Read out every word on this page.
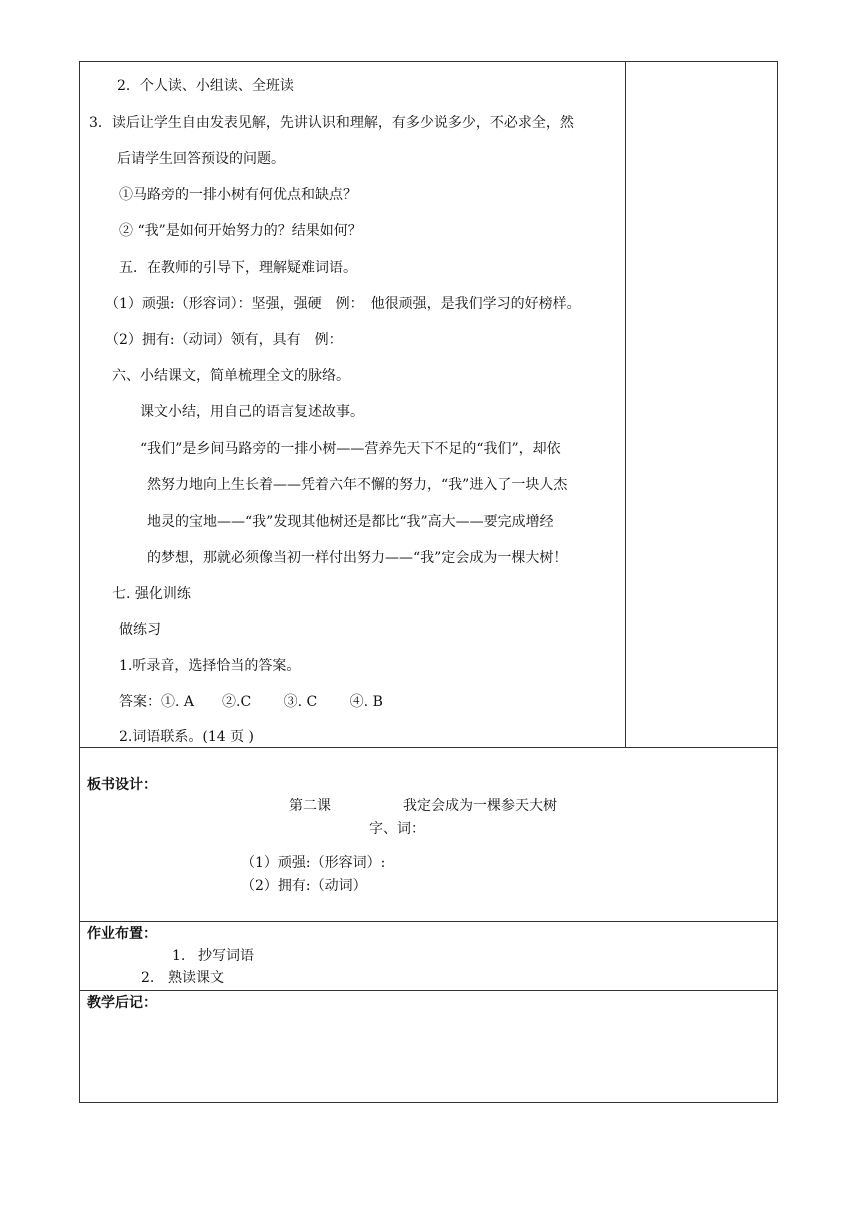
2．个人读、小组读、全班读
3．读后让学生自由发表见解，先讲认识和理解，有多少说多少，不必求全，然
后请学生回答预设的问题。
①马路旁的一排小树有何优点和缺点？
② “我”是如何开始努力的？结果如何？
五．在教师的引导下，理解疑难词语。
（1）顽强:（形容词）：坚强，强硬　例：　他很顽强，是我们学习的好榜样。
（2）拥有:（动词）领有，具有　例：
六、小结课文，简单梳理全文的脉络。
课文小结，用自己的语言复述故事。
“我们”是乡间马路旁的一排小树——营养先天下不足的“我们”，却依
然努力地向上生长着——凭着六年不懈的努力，“我”进入了一块人杰
地灵的宝地——“我”发现其他树还是都比“我”高大——要完成增经
的梦想，那就必须像当初一样付出努力——“我”定会成为一棵大树！
七. 强化训练
做练习
1.听录音，选择恰当的答案。
答案：①. A　　②.C　　 ③. C　　 ④. B
2.词语联系。(14 页 )
板书设计：
第二课	我定会成为一棵参天大树
字、词：
（1）顽强:（形容词）:
（2）拥有:（动词）
作业布置：
1. 抄写词语
2. 熟读课文
教学后记：
